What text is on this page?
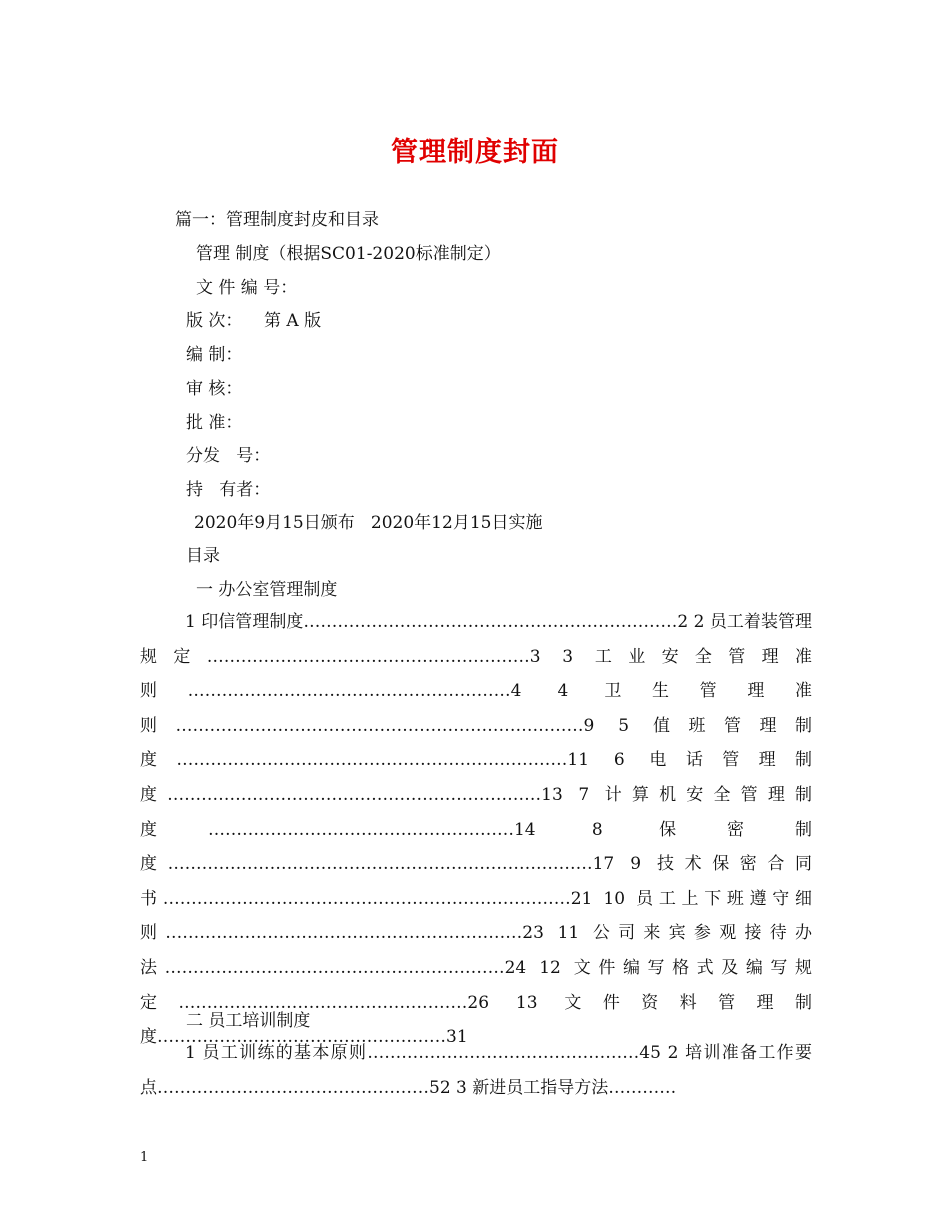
管理制度封面
篇一：管理制度封皮和目录
管理 制度（根据SC01-2020标准制定）
文 件 编 号：
版 次：    第 A 版
编 制：
审 核：
批 准：
分发   号：
持   有者：
2020年9月15日颁布   2020年12月15日实施
目录
一 办公室管理制度
1 印信管理制度…………………………………………………………2 2 员工着装管理规定…………………………………………………3 3 工业安全管理准则…………………………………………………4 4 卫生管理准则………………………………………………………………9 5 值班管理制度……………………………………………………………11 6 电话管理制度…………………………………………………………13 7 计算机安全管理制度………………………………………………14 8 保密制度…………………………………………………………………17 9 技术保密合同书………………………………………………………………21 10 员工上下班遵守细则………………………………………………………23 11 公司来宾参观接待办法……………………………………………………24 12 文件编写格式及编写规定……………………………………………26 13 文件资料管理制度……………………………………………31
二 员工培训制度
1 员工训练的基本原则…………………………………………45 2 培训准备工作要点…………………………………………52 3 新进员工指导方法…………
1
